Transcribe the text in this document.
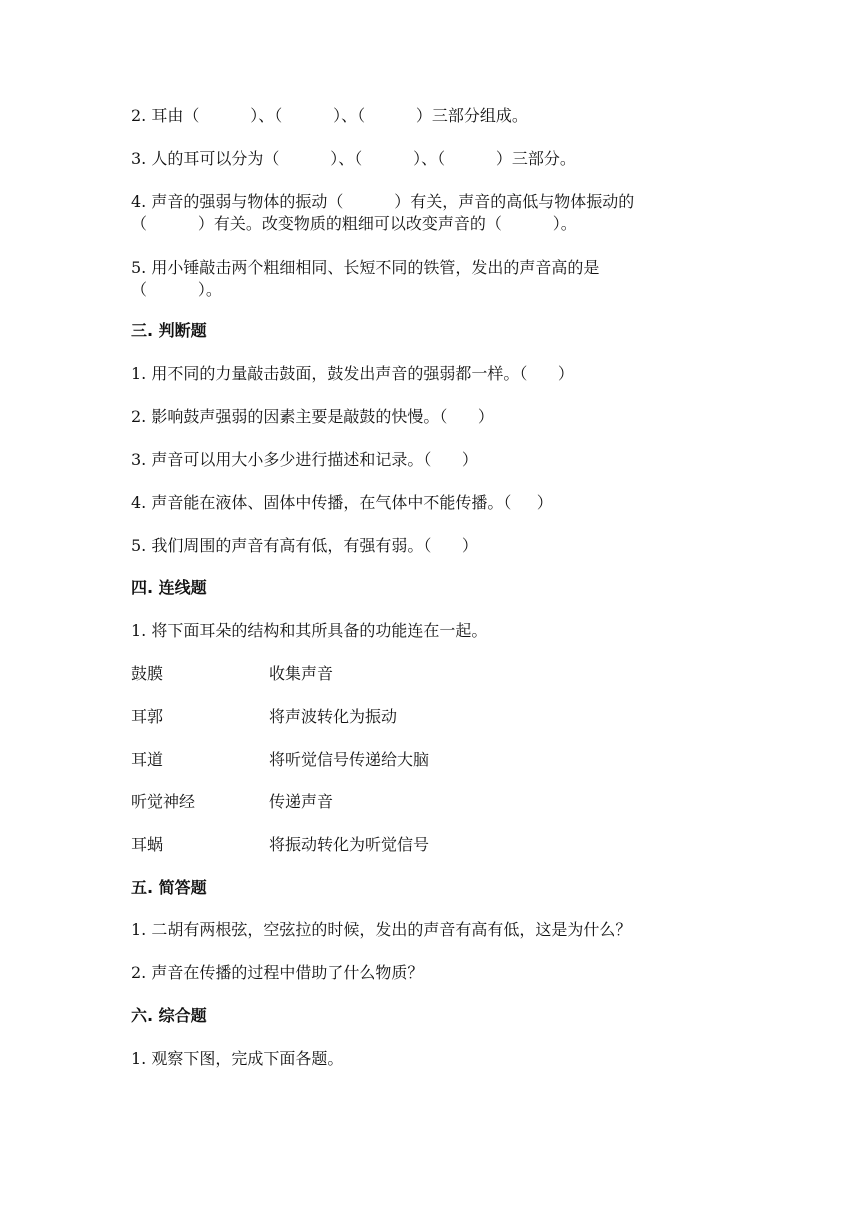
2. 耳由（          ）、（          ）、（          ）三部分组成。
3. 人的耳可以分为（          ）、（          ）、（          ）三部分。
4. 声音的强弱与物体的振动（          ）有关，声音的高低与物体振动的
（          ）有关。改变物质的粗细可以改变声音的（          ）。
5. 用小锤敲击两个粗细相同、长短不同的铁管，发出的声音高的是
（          ）。
三. 判断题
1. 用不同的力量敲击鼓面，鼓发出声音的强弱都一样。（      ）
2. 影响鼓声强弱的因素主要是敲鼓的快慢。（      ）
3. 声音可以用大小多少进行描述和记录。（      ）
4. 声音能在液体、固体中传播，在气体中不能传播。（     ）
5. 我们周围的声音有高有低，有强有弱。（      ）
四. 连线题
1. 将下面耳朵的结构和其所具备的功能连在一起。
鼓膜	收集声音
耳郭	将声波转化为振动
耳道	将听觉信号传递给大脑
听觉神经	传递声音
耳蜗	将振动转化为听觉信号
五. 简答题
1. 二胡有两根弦，空弦拉的时候，发出的声音有高有低，这是为什么？
2. 声音在传播的过程中借助了什么物质？
六. 综合题
1. 观察下图，完成下面各题。
